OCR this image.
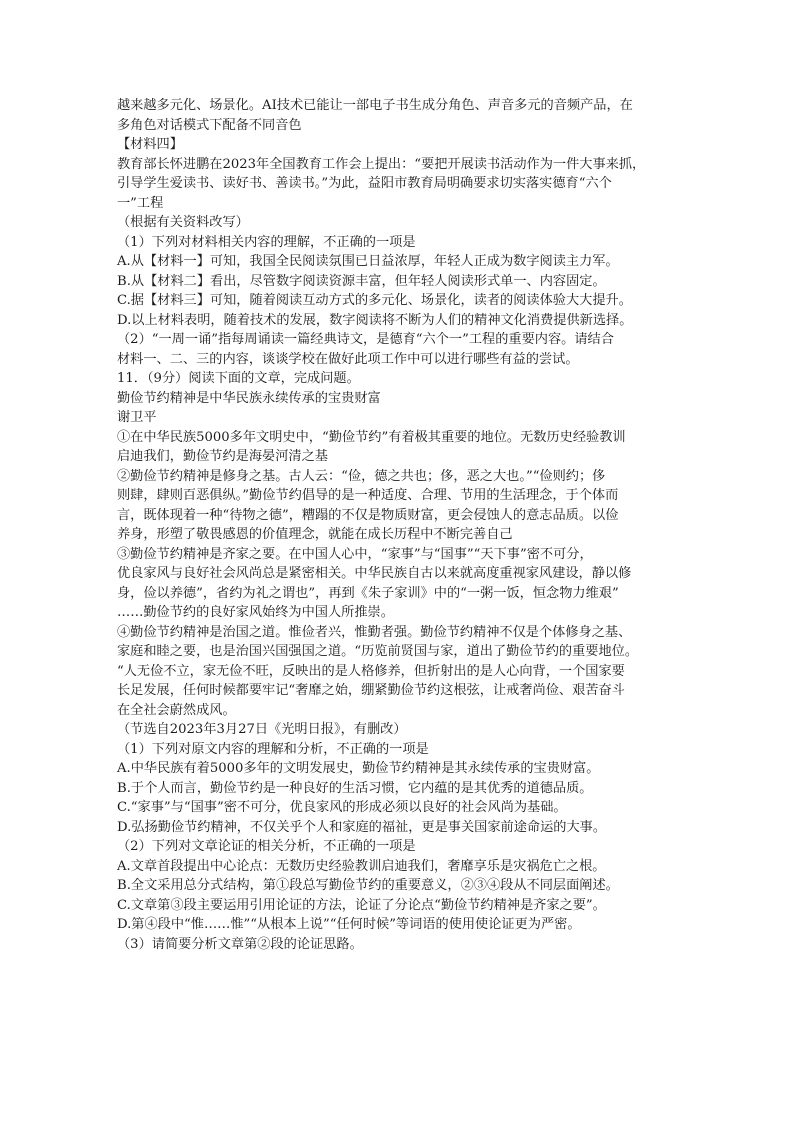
越来越多元化、场景化。AI技术已能让一部电子书生成分角色、声音多元的音频产品，在
多角色对话模式下配备不同音色
【材料四】
教育部长怀进鹏在2023年全国教育工作会上提出：“要把开展读书活动作为一件大事来抓，
引导学生爱读书、读好书、善读书。”为此，益阳市教育局明确要求切实落实德育“六个
一”工程
（根据有关资料改写）
（1）下列对材料相关内容的理解，不正确的一项是
A.从【材料一】可知，我国全民阅读氛围已日益浓厚，年轻人正成为数字阅读主力军。
B.从【材料二】看出，尽管数字阅读资源丰富，但年轻人阅读形式单一、内容固定。
C.据【材料三】可知，随着阅读互动方式的多元化、场景化，读者的阅读体验大大提升。
D.以上材料表明，随着技术的发展，数字阅读将不断为人们的精神文化消费提供新选择。
（2）“一周一诵”指每周诵读一篇经典诗文，是德育“六个一”工程的重要内容。请结合
材料一、二、三的内容，谈谈学校在做好此项工作中可以进行哪些有益的尝试。
11．（9分）阅读下面的文章，完成问题。
勤俭节约精神是中华民族永续传承的宝贵财富
谢卫平
①在中华民族5000多年文明史中，“勤俭节约”有着极其重要的地位。无数历史经验教训
启迪我们，勤俭节约是海晏河清之基
②勤俭节约精神是修身之基。古人云：“俭，德之共也；侈，恶之大也。”“俭则约；侈
则肆，肆则百恶俱纵。”勤俭节约倡导的是一种适度、合理、节用的生活理念，于个体而
言，既体现着一种“待物之德”，糟蹋的不仅是物质财富，更会侵蚀人的意志品质。以俭
养身，形塑了敬畏感恩的价值理念，就能在成长历程中不断完善自己
③勤俭节约精神是齐家之要。在中国人心中，“家事”与“国事”“天下事”密不可分，
优良家风与良好社会风尚总是紧密相关。中华民族自古以来就高度重视家风建设，静以修
身，俭以养德”，省约为礼之谓也”，再到《朱子家训》中的“一粥一饭，恒念物力维艰”
……勤俭节约的良好家风始终为中国人所推崇。
④勤俭节约精神是治国之道。惟俭者兴，惟勤者强。勤俭节约精神不仅是个体修身之基、
家庭和睦之要，也是治国兴国强国之道。“历览前贤国与家，道出了勤俭节约的重要地位。
“人无俭不立，家无俭不旺，反映出的是人格修养，但折射出的是人心向背，一个国家要
长足发展，任何时候都要牢记“奢靡之始，绷紧勤俭节约这根弦，让戒奢尚俭、艰苦奋斗
在全社会蔚然成风。
（节选自2023年3月27日《光明日报》，有删改）
（1）下列对原文内容的理解和分析，不正确的一项是
A.中华民族有着5000多年的文明发展史，勤俭节约精神是其永续传承的宝贵财富。
B.于个人而言，勤俭节约是一种良好的生活习惯，它内蕴的是其优秀的道德品质。
C.“家事”与“国事”密不可分，优良家风的形成必须以良好的社会风尚为基础。
D.弘扬勤俭节约精神，不仅关乎个人和家庭的福祉，更是事关国家前途命运的大事。
（2）下列对文章论证的相关分析，不正确的一项是
A.文章首段提出中心论点：无数历史经验教训启迪我们，奢靡享乐是灾祸危亡之根。
B.全文采用总分式结构，第①段总写勤俭节约的重要意义，②③④段从不同层面阐述。
C.文章第③段主要运用引用论证的方法，论证了分论点“勤俭节约精神是齐家之要”。
D.第④段中“惟……惟”“从根本上说”“任何时候”等词语的使用使论证更为严密。
（3）请简要分析文章第②段的论证思路。
